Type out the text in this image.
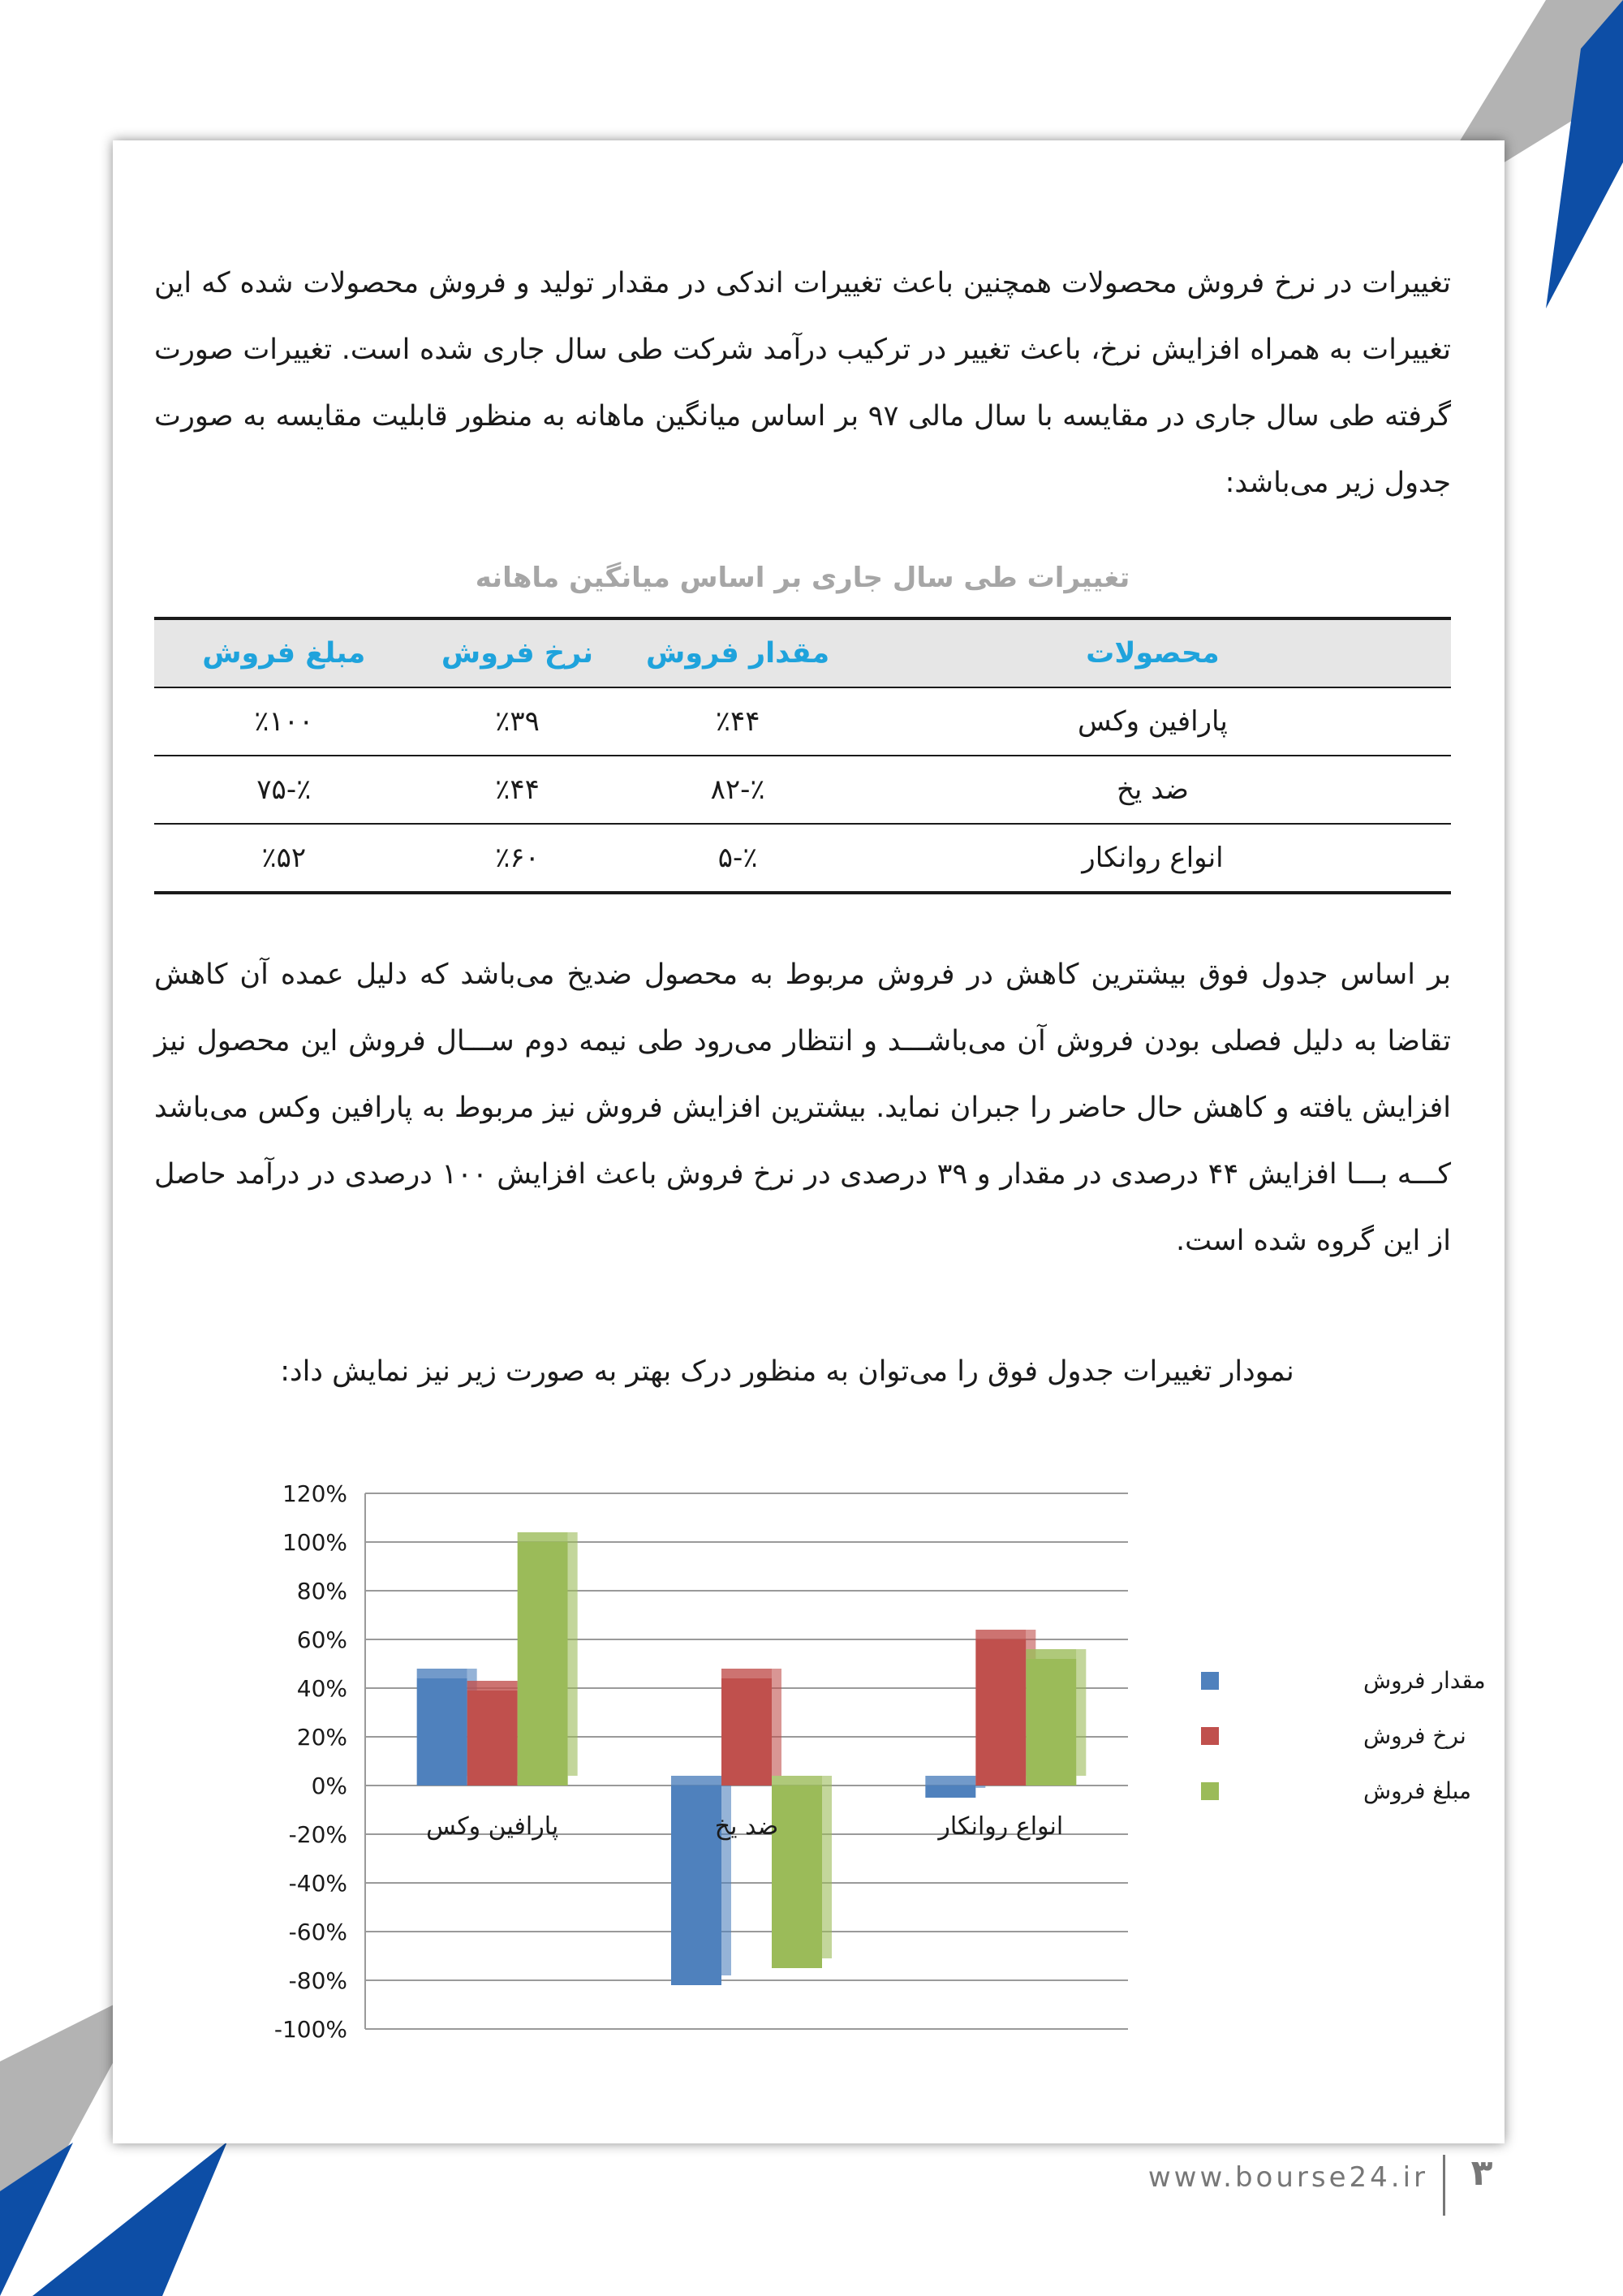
تغییرات در نرخ فروش محصولات همچنین باعث تغییرات اندکی در مقدار تولید و فروش محصولات شده که این تغییرات به همراه افزایش نرخ، باعث تغییر در ترکیب درآمد شرکت طی سال جاری شده است. تغییرات صورت گرفته طی سال جاری در مقایسه با سال مالی ۹۷ بر اساس میانگین ماهانه به منظور قابلیت مقایسه به صورت جدول زیر می‌باشد:

تغییرات طی سال جاری بر اساس میانگین ماهانه
محصولات	مقدار فروش	نرخ فروش	مبلغ فروش
پارافین وکس	٪۴۴	٪۳۹	٪۱۰۰
ضد یخ	٪-۸۲	٪۴۴	٪-۷۵
انواع روانکار	٪-۵	٪۶۰	٪۵۲

بر اساس جدول فوق بیشترین کاهش در فروش مربوط به محصول ضدیخ می‌باشد که دلیل عمده آن کاهش تقاضا به دلیل فصلی بودن فروش آن می‌باشـــد و انتظار می‌رود طی نیمه دوم ســـال فروش این محصول نیز افزایش یافته و کاهش حال حاضر را جبران نماید. بیشترین افزایش فروش نیز مربوط به پارافین وکس می‌باشد کـــه بـــا افزایش ۴۴ درصدی در مقدار و ۳۹ درصدی در نرخ فروش باعث افزایش ۱۰۰ درصدی در درآمد حاصل از این گروه شده است.

نمودار تغییرات جدول فوق را می‌توان به منظور درک بهتر به صورت زیر نیز نمایش داد:
120%
100%
80%
60%
40%
20%
0%
-20%
-40%
-60%
-80%
-100%
پارافین وکس	ضد یخ	انواع روانکار
مقدار فروش
نرخ فروش
مبلغ فروش
www.bourse24.ir	۳
